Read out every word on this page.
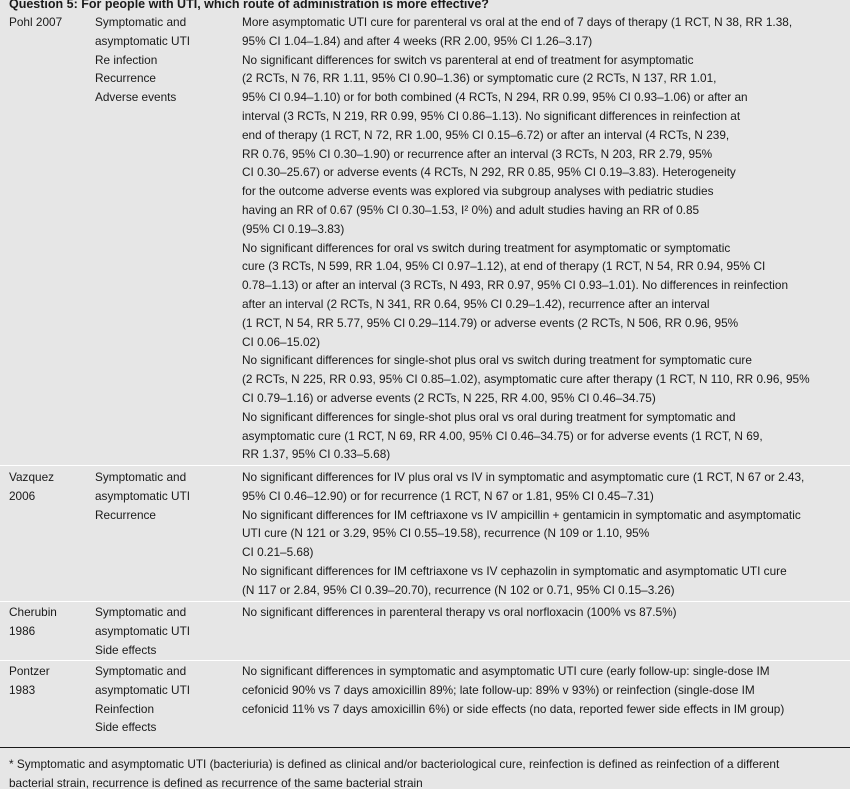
Question 5: For people with UTI, which route of administration is more effective?
Pohl 2007	Symptomatic and
asymptomatic UTI
Re infection
Recurrence
Adverse events
More asymptomatic UTI cure for parenteral vs oral at the end of 7 days of therapy (1 RCT, N 38, RR 1.38,
95% CI 1.04–1.84) and after 4 weeks (RR 2.00, 95% CI 1.26–3.17)
No significant differences for switch vs parenteral at end of treatment for asymptomatic
(2 RCTs, N 76, RR 1.11, 95% CI 0.90–1.36) or symptomatic cure (2 RCTs, N 137, RR 1.01,
95% CI 0.94–1.10) or for both combined (4 RCTs, N 294, RR 0.99, 95% CI 0.93–1.06) or after an
interval (3 RCTs, N 219, RR 0.99, 95% CI 0.86–1.13). No significant differences in reinfection at
end of therapy (1 RCT, N 72, RR 1.00, 95% CI 0.15–6.72) or after an interval (4 RCTs, N 239,
RR 0.76, 95% CI 0.30–1.90) or recurrence after an interval (3 RCTs, N 203, RR 2.79, 95%
CI 0.30–25.67) or adverse events (4 RCTs, N 292, RR 0.85, 95% CI 0.19–3.83). Heterogeneity
for the outcome adverse events was explored via subgroup analyses with pediatric studies
having an RR of 0.67 (95% CI 0.30–1.53, I² 0%) and adult studies having an RR of 0.85
(95% CI 0.19–3.83)
No significant differences for oral vs switch during treatment for asymptomatic or symptomatic
cure (3 RCTs, N 599, RR 1.04, 95% CI 0.97–1.12), at end of therapy (1 RCT, N 54, RR 0.94, 95% CI
0.78–1.13) or after an interval (3 RCTs, N 493, RR 0.97, 95% CI 0.93–1.01). No differences in reinfection
after an interval (2 RCTs, N 341, RR 0.64, 95% CI 0.29–1.42), recurrence after an interval
(1 RCT, N 54, RR 5.77, 95% CI 0.29–114.79) or adverse events (2 RCTs, N 506, RR 0.96, 95%
CI 0.06–15.02)
No significant differences for single-shot plus oral vs switch during treatment for symptomatic cure
(2 RCTs, N 225, RR 0.93, 95% CI 0.85–1.02), asymptomatic cure after therapy (1 RCT, N 110, RR 0.96, 95%
CI 0.79–1.16) or adverse events (2 RCTs, N 225, RR 4.00, 95% CI 0.46–34.75)
No significant differences for single-shot plus oral vs oral during treatment for symptomatic and
asymptomatic cure (1 RCT, N 69, RR 4.00, 95% CI 0.46–34.75) or for adverse events (1 RCT, N 69,
RR 1.37, 95% CI 0.33–5.68)
Vazquez
2006
Symptomatic and
asymptomatic UTI
Recurrence
No significant differences for IV plus oral vs IV in symptomatic and asymptomatic cure (1 RCT, N 67 or 2.43,
95% CI 0.46–12.90) or for recurrence (1 RCT, N 67 or 1.81, 95% CI 0.45–7.31)
No significant differences for IM ceftriaxone vs IV ampicillin + gentamicin in symptomatic and asymptomatic
UTI cure (N 121 or 3.29, 95% CI 0.55–19.58), recurrence (N 109 or 1.10, 95%
CI 0.21–5.68)
No significant differences for IM ceftriaxone vs IV cephazolin in symptomatic and asymptomatic UTI cure
(N 117 or 2.84, 95% CI 0.39–20.70), recurrence (N 102 or 0.71, 95% CI 0.15–3.26)
Cherubin
1986
Symptomatic and
asymptomatic UTI
Side effects
No significant differences in parenteral therapy vs oral norfloxacin (100% vs 87.5%)
Pontzer
1983
Symptomatic and
asymptomatic UTI
Reinfection
Side effects
No significant differences in symptomatic and asymptomatic UTI cure (early follow-up: single-dose IM
cefonicid 90% vs 7 days amoxicillin 89%; late follow-up: 89% v 93%) or reinfection (single-dose IM
cefonicid 11% vs 7 days amoxicillin 6%) or side effects (no data, reported fewer side effects in IM group)
* Symptomatic and asymptomatic UTI (bacteriuria) is defined as clinical and/or bacteriological cure, reinfection is defined as reinfection of a different
bacterial strain, recurrence is defined as recurrence of the same bacterial strain
